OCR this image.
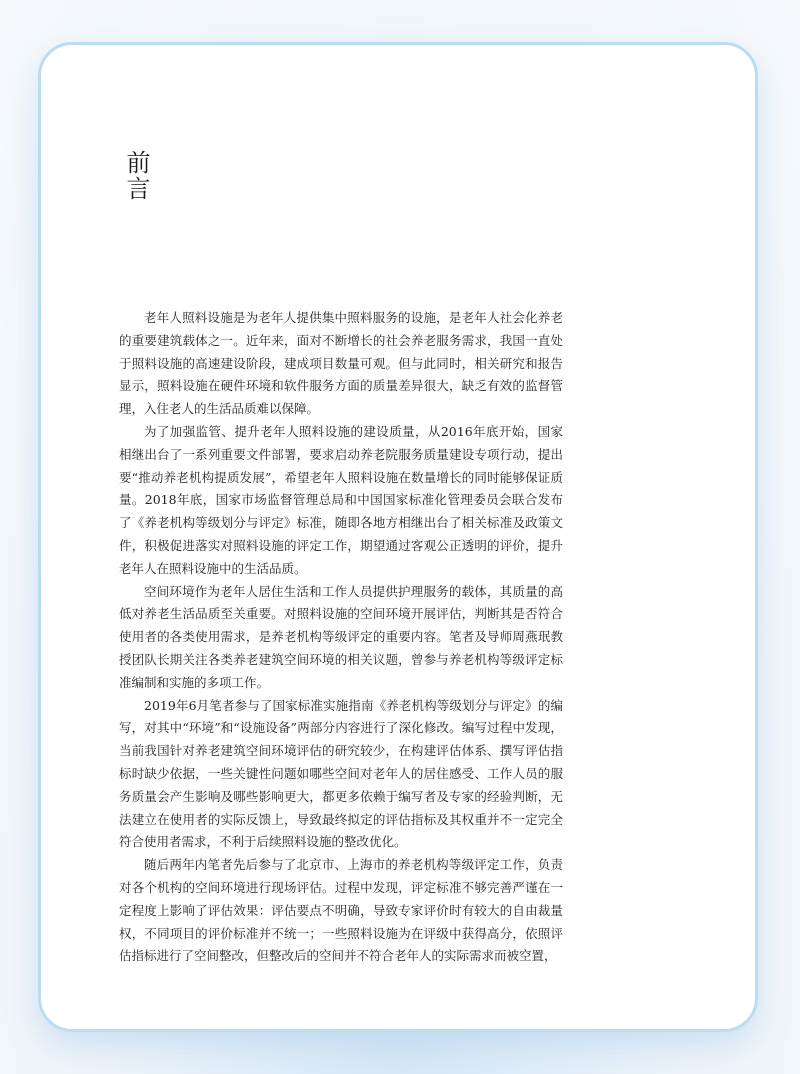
前言

老年人照料设施是为老年人提供集中照料服务的设施，是老年人社会化养老的重要建筑载体之一。近年来，面对不断增长的社会养老服务需求，我国一直处于照料设施的高速建设阶段，建成项目数量可观。但与此同时，相关研究和报告显示，照料设施在硬件环境和软件服务方面的质量差异很大，缺乏有效的监督管理，入住老人的生活品质难以保障。

为了加强监管、提升老年人照料设施的建设质量，从2016年底开始，国家相继出台了一系列重要文件部署，要求启动养老院服务质量建设专项行动，提出要“推动养老机构提质发展”，希望老年人照料设施在数量增长的同时能够保证质量。2018年底，国家市场监督管理总局和中国国家标准化管理委员会联合发布了《养老机构等级划分与评定》标准，随即各地方相继出台了相关标准及政策文件，积极促进落实对照料设施的评定工作，期望通过客观公正透明的评价，提升老年人在照料设施中的生活品质。

空间环境作为老年人居住生活和工作人员提供护理服务的载体，其质量的高低对养老生活品质至关重要。对照料设施的空间环境开展评估，判断其是否符合使用者的各类使用需求，是养老机构等级评定的重要内容。笔者及导师周燕珉教授团队长期关注各类养老建筑空间环境的相关议题，曾参与养老机构等级评定标准编制和实施的多项工作。

2019年6月笔者参与了国家标准实施指南《养老机构等级划分与评定》的编写，对其中“环境”和“设施设备”两部分内容进行了深化修改。编写过程中发现，当前我国针对养老建筑空间环境评估的研究较少，在构建评估体系、撰写评估指标时缺少依据，一些关键性问题如哪些空间对老年人的居住感受、工作人员的服务质量会产生影响及哪些影响更大，都更多依赖于编写者及专家的经验判断，无法建立在使用者的实际反馈上，导致最终拟定的评估指标及其权重并不一定完全符合使用者需求，不利于后续照料设施的整改优化。

随后两年内笔者先后参与了北京市、上海市的养老机构等级评定工作，负责对各个机构的空间环境进行现场评估。过程中发现，评定标准不够完善严谨在一定程度上影响了评估效果：评估要点不明确，导致专家评价时有较大的自由裁量权，不同项目的评价标准并不统一；一些照料设施为在评级中获得高分，依照评估指标进行了空间整改，但整改后的空间并不符合老年人的实际需求而被空置，
